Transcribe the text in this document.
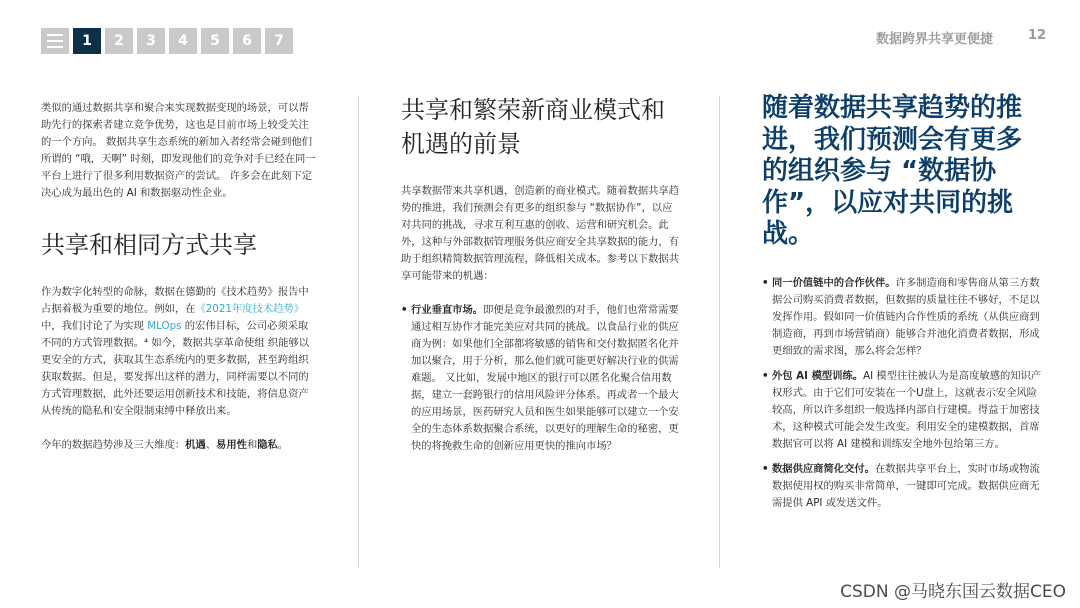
1	2	3	4	5	6	7	数据跨界共享更便捷	12

类似的通过数据共享和聚合来实现数据变现的场景，可以帮助先行的探索者建立竞争优势，这也是目前市场上较受关注的一个方向。 数据共享生态系统的新加入者经常会碰到他们所谓的 “哦，天啊” 时刻，即发现他们的竞争对手已经在同一平台上进行了很多利用数据资产的尝试。 许多会在此刻下定决心成为最出色的 AI 和数据驱动性企业。

共享和相同方式共享

作为数字化转型的命脉，数据在德勤的《技术趋势》报告中占据着极为重要的地位。例如，在《2021年度技术趋势》中，我们讨论了为实现 MLOps 的宏伟目标，公司必须采取不同的方式管理数据。⁴ 如今，数据共享革命使组 织能够以更安全的方式，获取其生态系统内的更多数据，甚至跨组织获取数据。但是，要发挥出这样的潜力，同样需要以不同的方式管理数据，此外还要运用创新技术和技能，将信息资产从传统的隐私和安全限制束缚中释放出来。

今年的数据趋势涉及三大维度：机遇、易用性和隐私。

共享和繁荣新商业模式和机遇的前景

共享数据带来共享机遇，创造新的商业模式。随着数据共享趋势的推进，我们预测会有更多的组织参与 “数据协作”，以应对共同的挑战，寻求互利互惠的创收、运营和研究机会。此外，这种与外部数据管理服务供应商安全共享数据的能力，有助于组织精简数据管理流程，降低相关成本。参考以下数据共享可能带来的机遇：

• 行业垂直市场。即便是竞争最激烈的对手，他们也常常需要通过相互协作才能完美应对共同的挑战。以食品行业的供应商为例：如果他们全部都将敏感的销售和交付数据匿名化并加以聚合，用于分析，那么他们就可能更好解决行业的供需难题。 又比如，发展中地区的银行可以匿名化聚合信用数据，建立一套跨银行的信用风险评分体系。再或者一个最大的应用场景，医药研究人员和医生如果能够可以建立一个安全的生态体系数据聚合系统，以更好的理解生命的秘密，更快的将挽救生命的创新应用更快的推向市场？
随着数据共享趋势的推进，我们预测会有更多的组织参与 “数据协作”，以应对共同的挑战。
• 同一价值链中的合作伙伴。许多制造商和零售商从第三方数据公司购买消费者数据，但数据的质量往往不够好，不足以发挥作用。假如同一价值链内合作性质的系统（从供应商到制造商，再到市场营销商）能够合并池化消费者数据，形成更细致的需求图，那么将会怎样？
• 外包 AI 模型训练。AI 模型往往被认为是高度敏感的知识产权形式。由于它们可安装在一个U盘上，这就表示安全风险较高，所以许多组织一般选择内部自行建模。得益于加密技术，这种模式可能会发生改变。利用安全的建模数据，首席数据官可以将 AI 建模和训练安全地外包给第三方。
• 数据供应商简化交付。在数据共享平台上，实时市场或物流数据使用权的购买非常简单，一键即可完成。数据供应商无需提供 API 或发送文件。
CSDN @马晓东国云数据CEO
